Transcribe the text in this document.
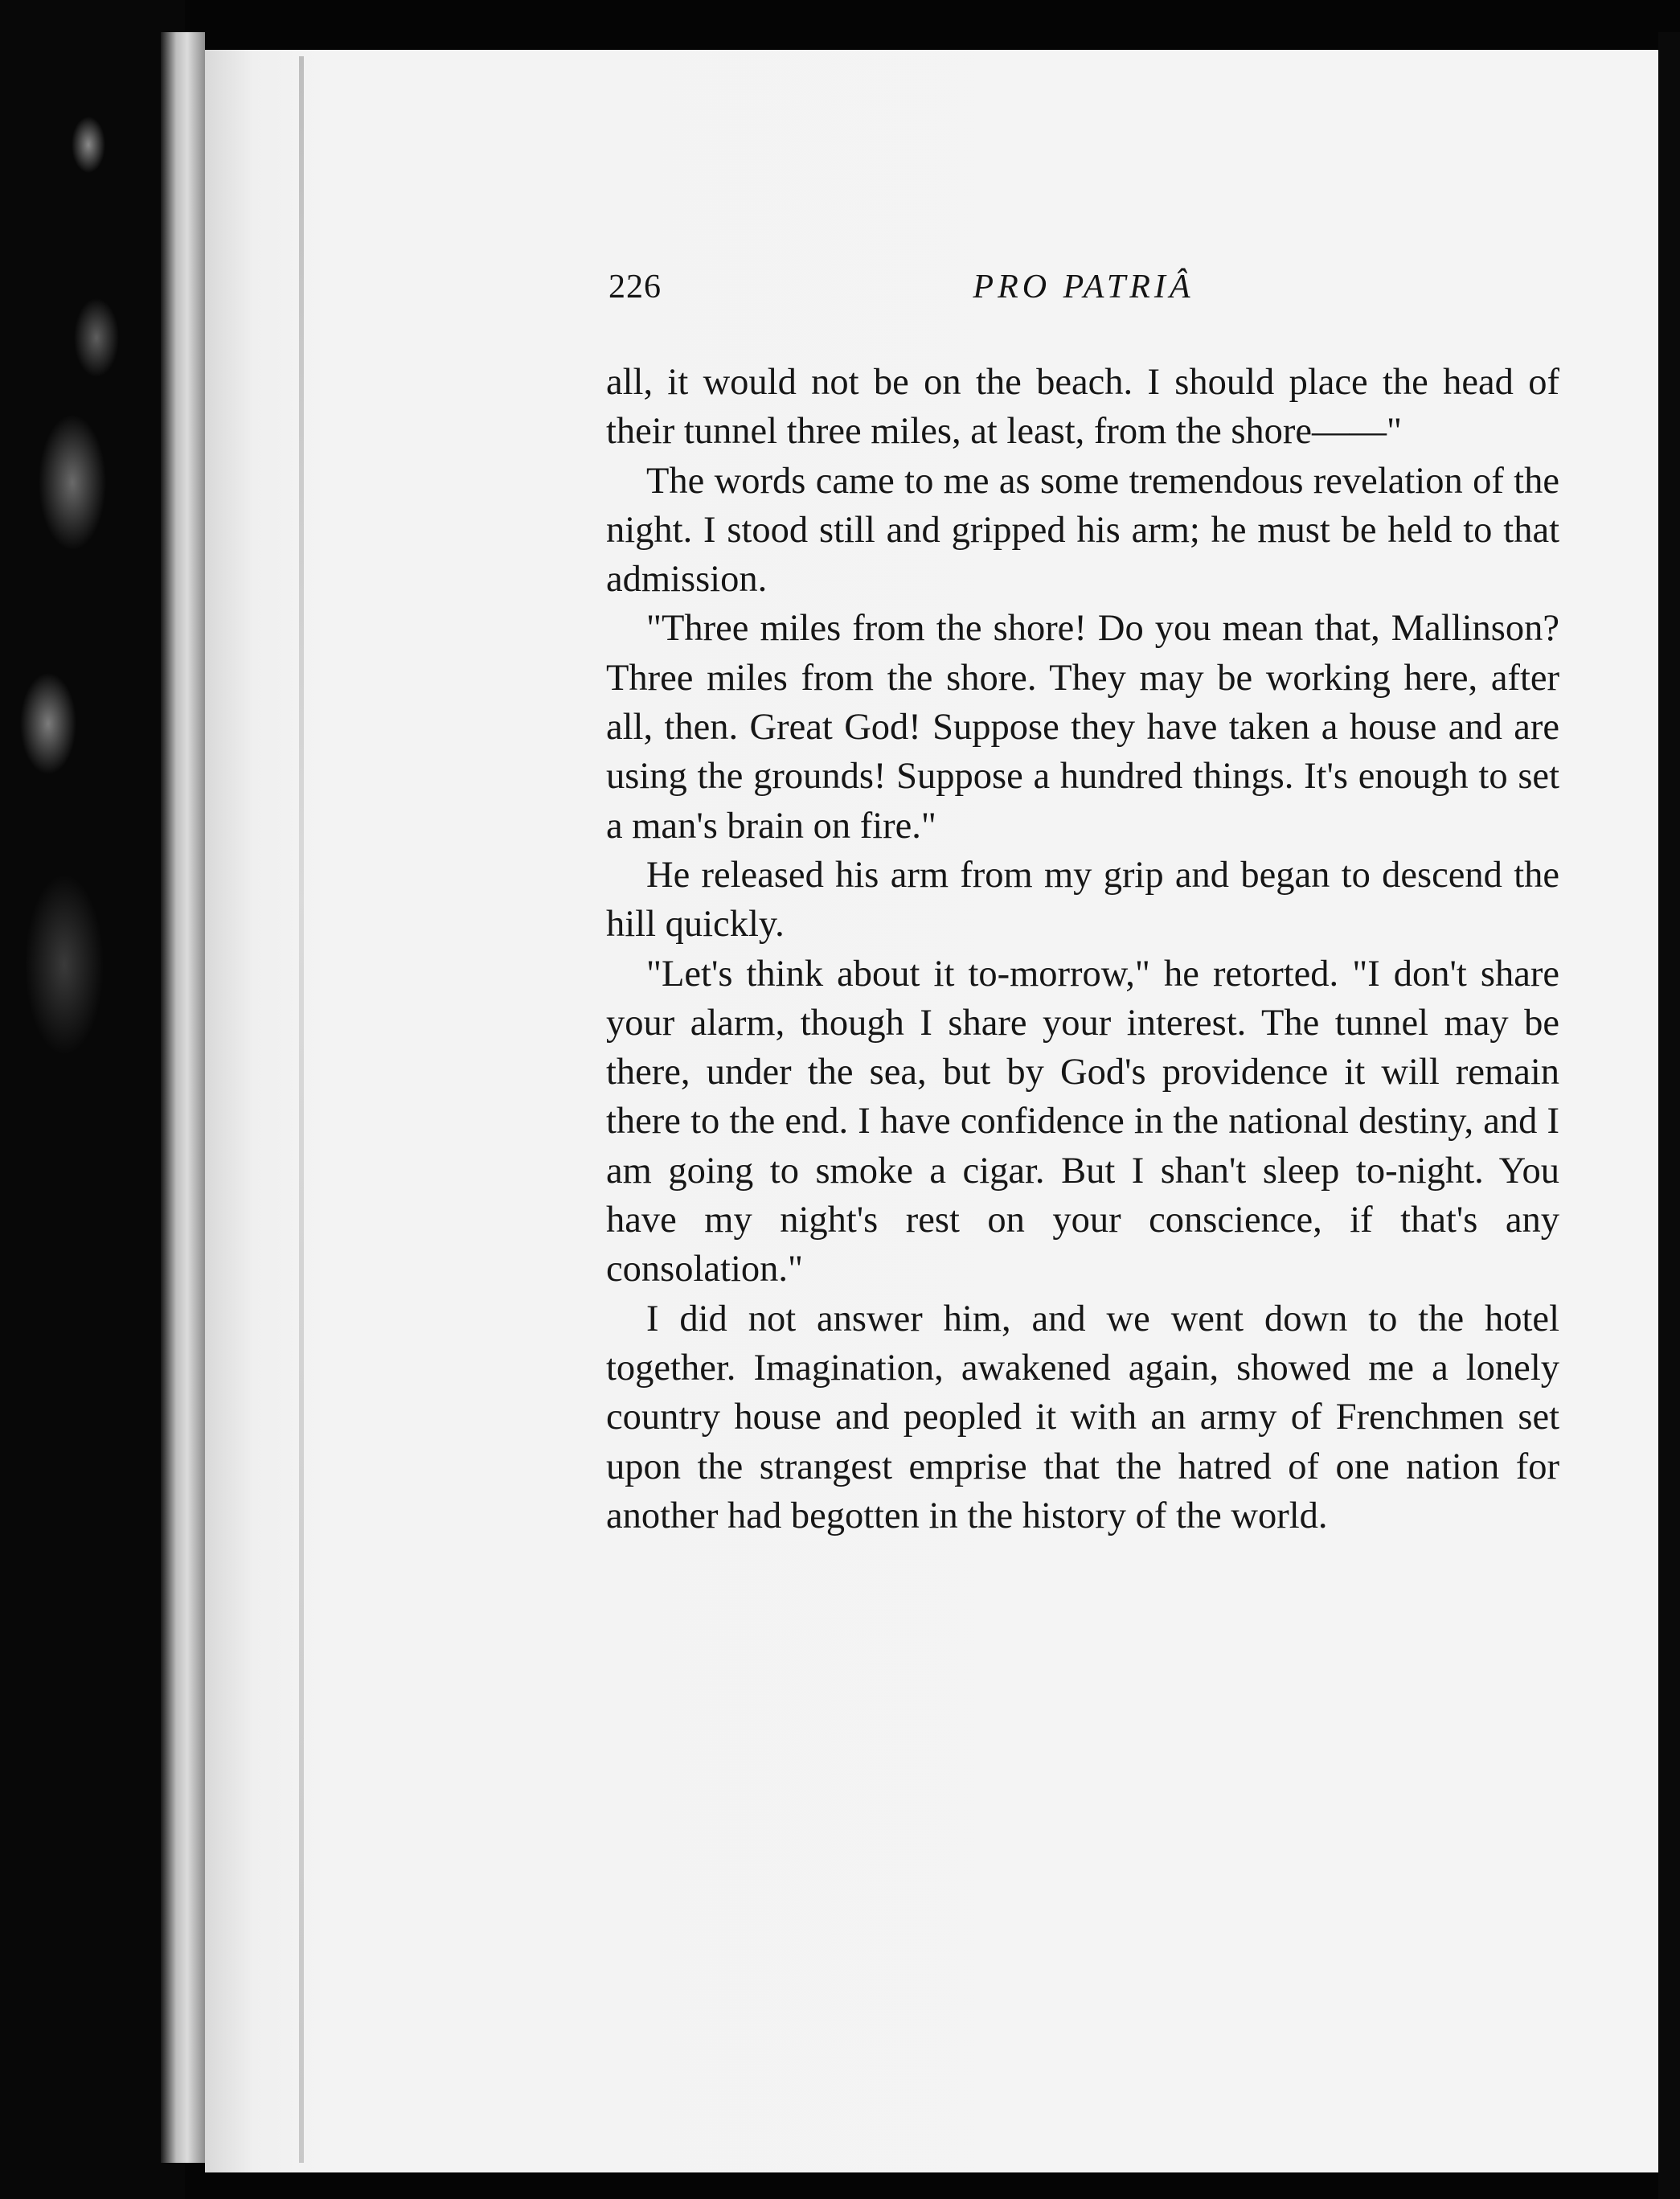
226	PRO PATRIÂ

all, it would not be on the beach. I should place the head of their tunnel three miles, at least, from the shore——"

The words came to me as some tremendous revelation of the night. I stood still and gripped his arm; he must be held to that admission.

"Three miles from the shore! Do you mean that, Mallinson? Three miles from the shore. They may be working here, after all, then. Great God! Suppose they have taken a house and are using the grounds! Suppose a hundred things. It's enough to set a man's brain on fire."

He released his arm from my grip and began to descend the hill quickly.

"Let's think about it to-morrow," he retorted. "I don't share your alarm, though I share your interest. The tunnel may be there, under the sea, but by God's providence it will remain there to the end. I have confidence in the national destiny, and I am going to smoke a cigar. But I shan't sleep to-night. You have my night's rest on your conscience, if that's any consolation."

I did not answer him, and we went down to the hotel together. Imagination, awakened again, showed me a lonely country house and peopled it with an army of Frenchmen set upon the strangest emprise that the hatred of one nation for another had begotten in the history of the world.
